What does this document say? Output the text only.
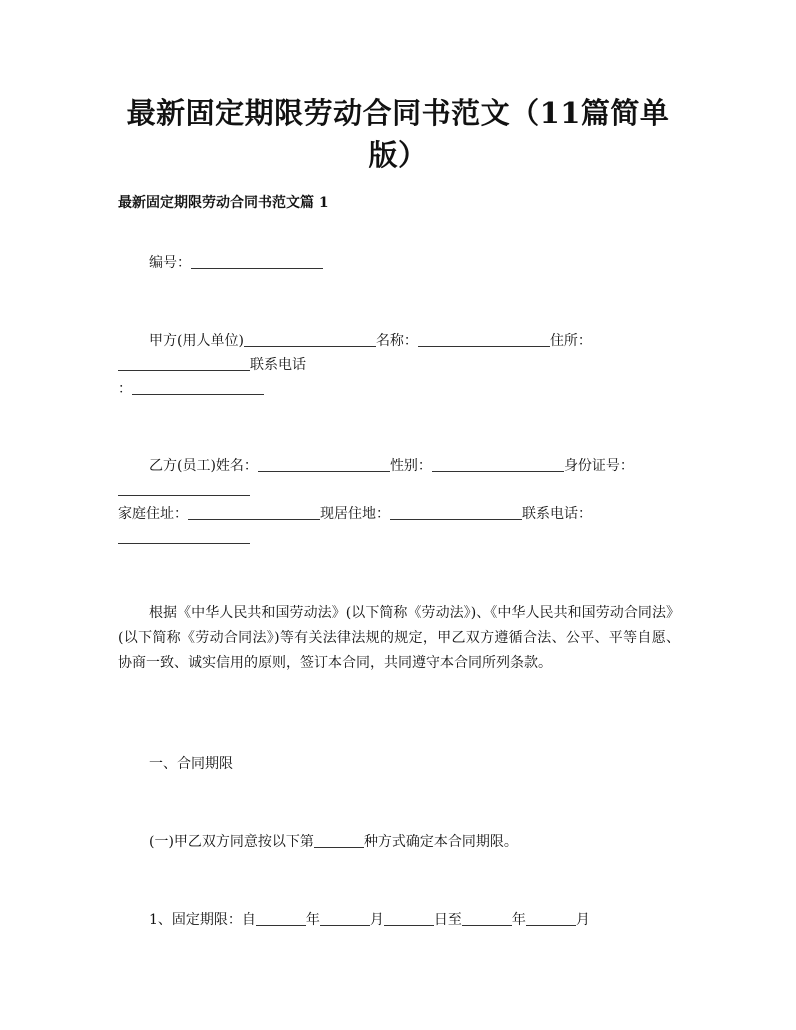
最新固定期限劳动合同书范文（11篇简单
版）
最新固定期限劳动合同书范文篇 1
编号：
甲方(用人单位)	名称：	住所：
联系电话
：
乙方(员工)姓名：	性别：	身份证号：
家庭住址：	现居住地：	联系电话：
根据《中华人民共和国劳动法》(以下简称《劳动法》)、《中华人民共和国劳动合同法》(以下简称《劳动合同法》)等有关法律法规的规定，甲乙双方遵循合法、公平、平等自愿、协商一致、诚实信用的原则，签订本合同，共同遵守本合同所列条款。
一、合同期限
(一)甲乙双方同意按以下第	种方式确定本合同期限。
1、固定期限：自	年	月	日至	年	月
